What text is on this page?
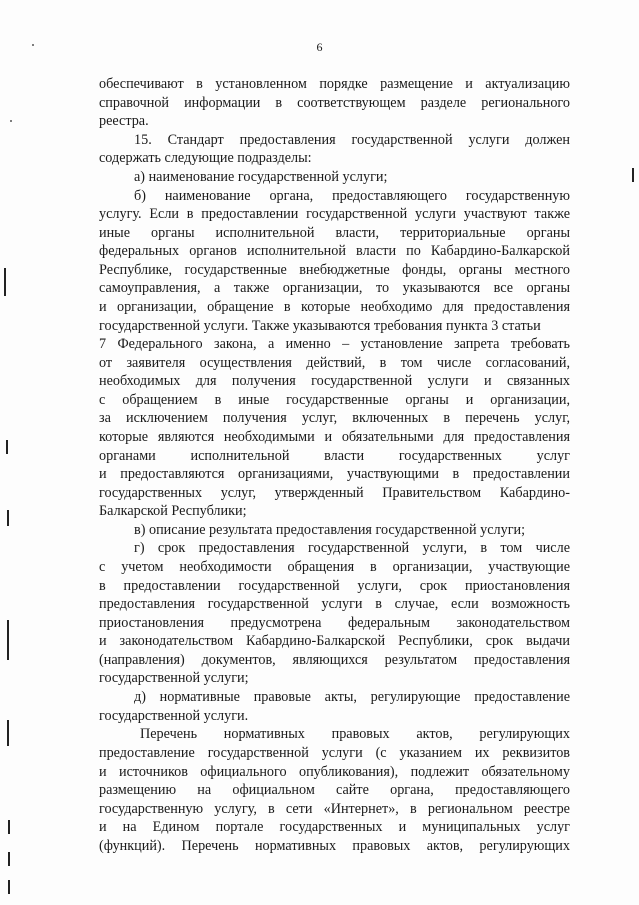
6
обеспечивают в установленном порядке размещение и актуализацию
справочной информации в соответствующем разделе регионального
реестра.
15. Стандарт предоставления государственной услуги должен
содержать следующие подразделы:
а) наименование государственной услуги;
б) наименование органа, предоставляющего государственную
услугу. Если в предоставлении государственной услуги участвуют также
иные органы исполнительной власти, территориальные органы
федеральных органов исполнительной власти по Кабардино-Балкарской
Республике, государственные внебюджетные фонды, органы местного
самоуправления, а также организации, то указываются все органы
и организации, обращение в которые необходимо для предоставления
государственной услуги. Также указываются требования пункта 3 статьи
7 Федерального закона, а именно – установление запрета требовать
от заявителя осуществления действий, в том числе согласований,
необходимых для получения государственной услуги и связанных
с обращением в иные государственные органы и организации,
за исключением получения услуг, включенных в перечень услуг,
которые являются необходимыми и обязательными для предоставления
органами исполнительной власти государственных услуг
и предоставляются организациями, участвующими в предоставлении
государственных услуг, утвержденный Правительством Кабардино-
Балкарской Республики;
в) описание результата предоставления государственной услуги;
г) срок предоставления государственной услуги, в том числе
с учетом необходимости обращения в организации, участвующие
в предоставлении государственной услуги, срок приостановления
предоставления государственной услуги в случае, если возможность
приостановления предусмотрена федеральным законодательством
и законодательством Кабардино-Балкарской Республики, срок выдачи
(направления) документов, являющихся результатом предоставления
государственной услуги;
д) нормативные правовые акты, регулирующие предоставление
государственной услуги.
Перечень нормативных правовых актов, регулирующих
предоставление государственной услуги (с указанием их реквизитов
и источников официального опубликования), подлежит обязательному
размещению на официальном сайте органа, предоставляющего
государственную услугу, в сети «Интернет», в региональном реестре
и на Едином портале государственных и муниципальных услуг
(функций). Перечень нормативных правовых актов, регулирующих
